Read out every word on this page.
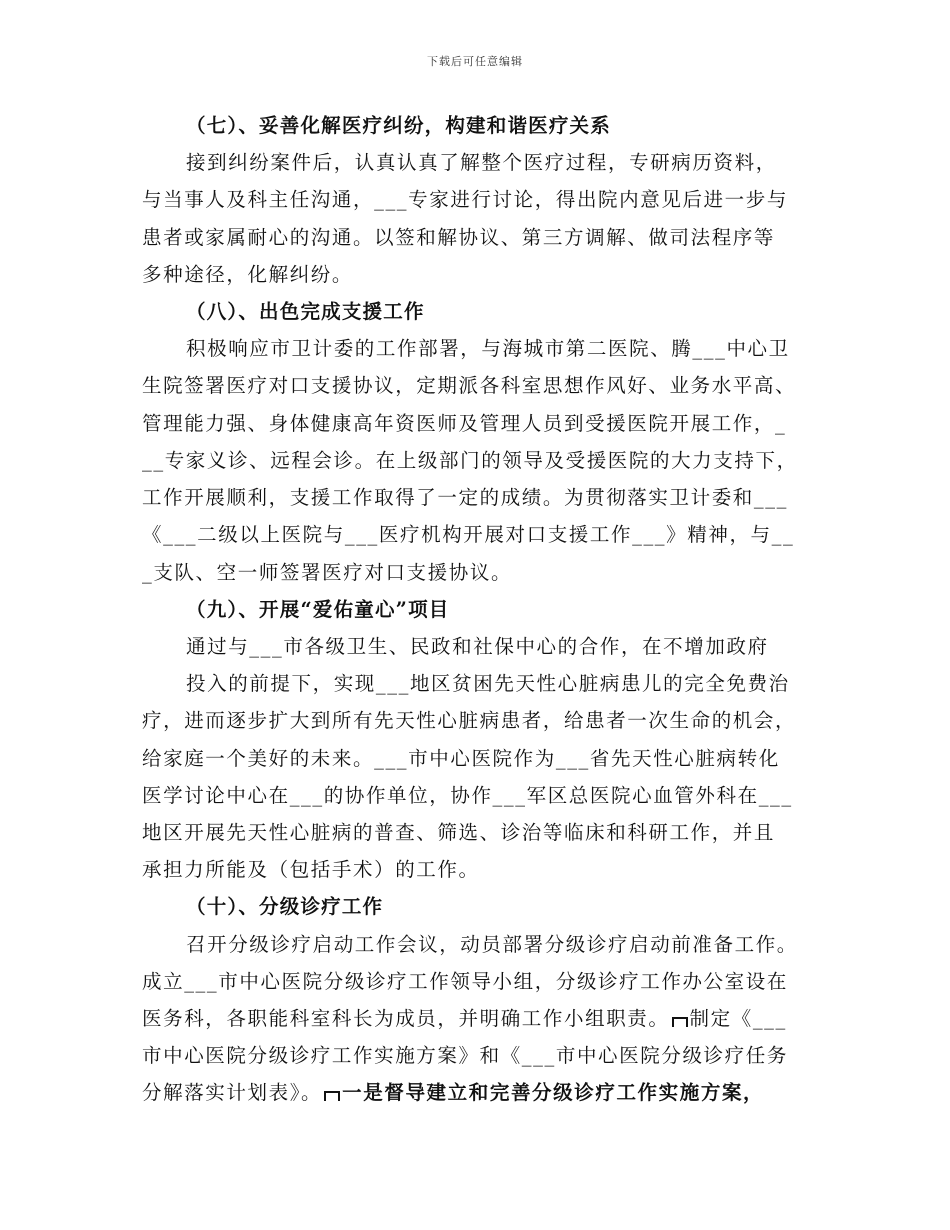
下载后可任意编辑
（七）、妥善化解医疗纠纷，构建和谐医疗关系
接到纠纷案件后，认真认真了解整个医疗过程，专研病历资料，
与当事人及科主任沟通，___专家进行讨论，得出院内意见后进一步与
患者或家属耐心的沟通。以签和解协议、第三方调解、做司法程序等
多种途径，化解纠纷。
（八）、出色完成支援工作
积极响应市卫计委的工作部署，与海城市第二医院、腾___中心卫
生院签署医疗对口支援协议，定期派各科室思想作风好、业务水平高、
管理能力强、身体健康高年资医师及管理人员到受援医院开展工作，_
__专家义诊、远程会诊。在上级部门的领导及受援医院的大力支持下，
工作开展顺利，支援工作取得了一定的成绩。为贯彻落实卫计委和___
《___二级以上医院与___医疗机构开展对口支援工作___》精神，与__
_支队、空一师签署医疗对口支援协议。
（九）、开展“爱佑童心”项目
通过与___市各级卫生、民政和社保中心的合作，在不增加政府
投入的前提下，实现___地区贫困先天性心脏病患儿的完全免费治
疗，进而逐步扩大到所有先天性心脏病患者，给患者一次生命的机会，
给家庭一个美好的未来。___市中心医院作为___省先天性心脏病转化
医学讨论中心在___的协作单位，协作___军区总医院心血管外科在___
地区开展先天性心脏病的普查、筛选、诊治等临床和科研工作，并且
承担力所能及（包括手术）的工作。
（十）、分级诊疗工作
召开分级诊疗启动工作会议，动员部署分级诊疗启动前准备工作。
成立___市中心医院分级诊疗工作领导小组，分级诊疗工作办公室设在
医务科，各职能科室科长为成员，并明确工作小组职责。 制定《___
市中心医院分级诊疗工作实施方案》和《___市中心医院分级诊疗任务
分解落实计划表》。 一是督导建立和完善分级诊疗工作实施方案，
